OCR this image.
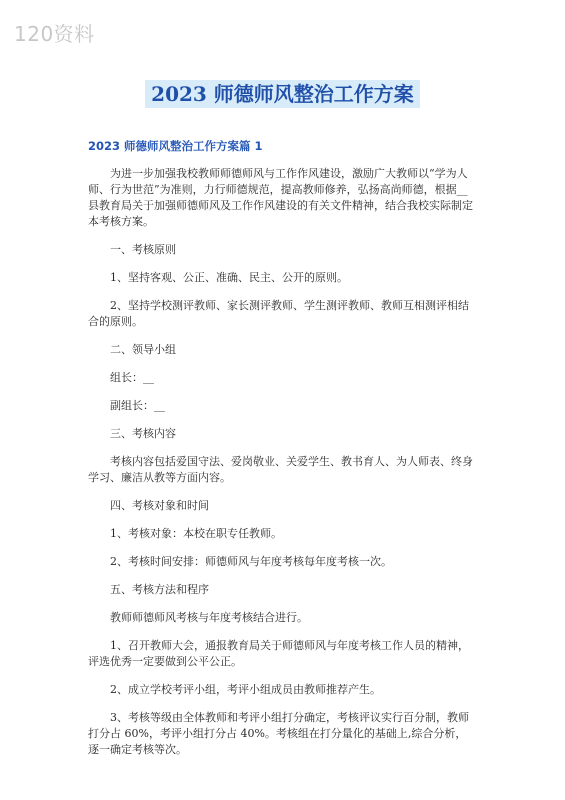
120资料
2023 师德师风整治工作方案
2023 师德师风整治工作方案篇 1

为进一步加强我校教师师德师风与工作作风建设，激励广大教师以“学为人师、行为世范”为准则，力行师德规范，提高教师修养，弘扬高尚师德，根据__县教育局关于加强师德师风及工作作风建设的有关文件精神，结合我校实际制定本考核方案。

一、考核原则

1、坚持客观、公正、准确、民主、公开的原则。

2、坚持学校测评教师、家长测评教师、学生测评教师、教师互相测评相结合的原则。

二、领导小组

组长：__

副组长：__

三、考核内容

考核内容包括爱国守法、爱岗敬业、关爱学生、教书育人、为人师表、终身学习、廉洁从教等方面内容。

四、考核对象和时间

1、考核对象：本校在职专任教师。

2、考核时间安排：师德师风与年度考核每年度考核一次。

五、考核方法和程序

教师师德师风考核与年度考核结合进行。

1、召开教师大会，通报教育局关于师德师风与年度考核工作人员的精神，评选优秀一定要做到公平公正。

2、成立学校考评小组，考评小组成员由教师推荐产生。

3、考核等级由全体教师和考评小组打分确定，考核评议实行百分制，教师打分占 60%，考评小组打分占 40%。考核组在打分量化的基础上,综合分析，逐一确定考核等次。
